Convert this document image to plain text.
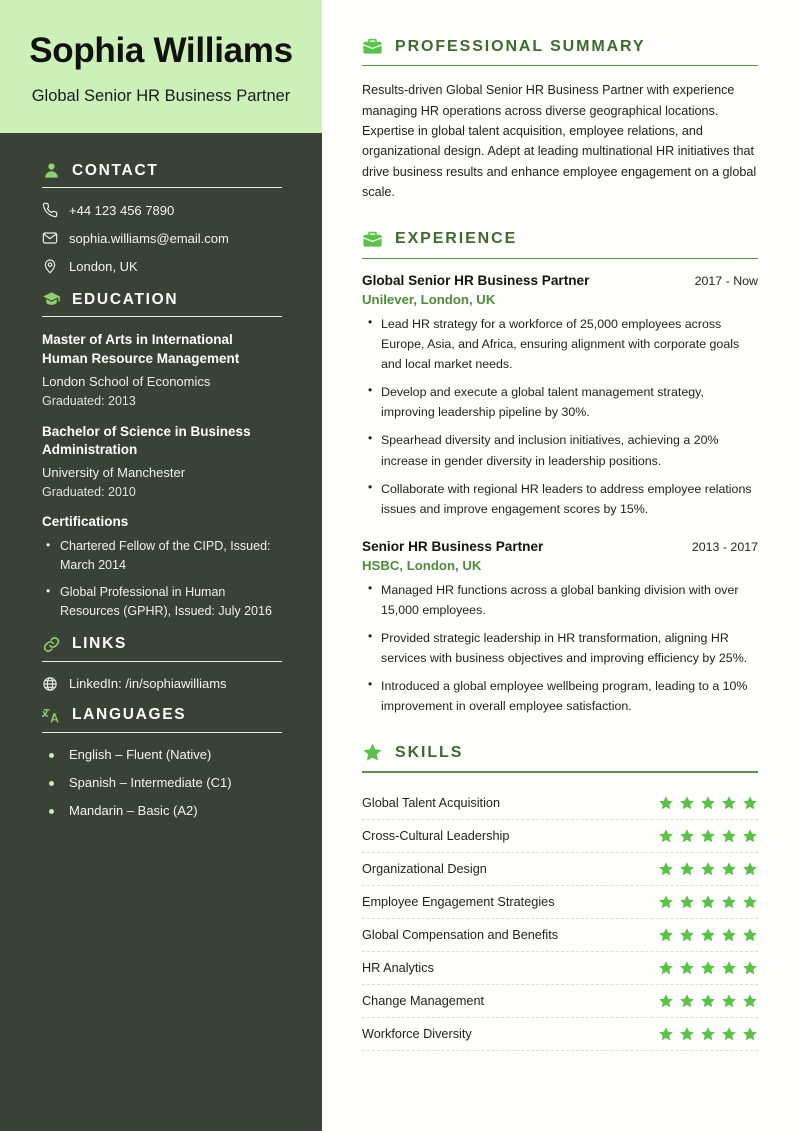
Sophia Williams
Global Senior HR Business Partner
CONTACT
+44 123 456 7890
sophia.williams@email.com
London, UK
EDUCATION
Master of Arts in International Human Resource Management
London School of Economics
Graduated: 2013
Bachelor of Science in Business Administration
University of Manchester
Graduated: 2010
Certifications
• Chartered Fellow of the CIPD, Issued: March 2014
• Global Professional in Human Resources (GPHR), Issued: July 2016
LINKS
LinkedIn: /in/sophiawilliams
LANGUAGES
English – Fluent (Native)
Spanish – Intermediate (C1)
Mandarin – Basic (A2)
PROFESSIONAL SUMMARY

Results-driven Global Senior HR Business Partner with experience managing HR operations across diverse geographical locations. Expertise in global talent acquisition, employee relations, and organizational design. Adept at leading multinational HR initiatives that drive business results and enhance employee engagement on a global scale.

EXPERIENCE
Global Senior HR Business Partner	2017 - Now
Unilever, London, UK
• Lead HR strategy for a workforce of 25,000 employees across Europe, Asia, and Africa, ensuring alignment with corporate goals and local market needs.
• Develop and execute a global talent management strategy, improving leadership pipeline by 30%.
• Spearhead diversity and inclusion initiatives, achieving a 20% increase in gender diversity in leadership positions.
• Collaborate with regional HR leaders to address employee relations issues and improve engagement scores by 15%.
Senior HR Business Partner	2013 - 2017
HSBC, London, UK
• Managed HR functions across a global banking division with over 15,000 employees.
• Provided strategic leadership in HR transformation, aligning HR services with business objectives and improving efficiency by 25%.
• Introduced a global employee wellbeing program, leading to a 10% improvement in overall employee satisfaction.
SKILLS
Global Talent Acquisition
Cross-Cultural Leadership
Organizational Design
Employee Engagement Strategies
Global Compensation and Benefits
HR Analytics
Change Management
Workforce Diversity
